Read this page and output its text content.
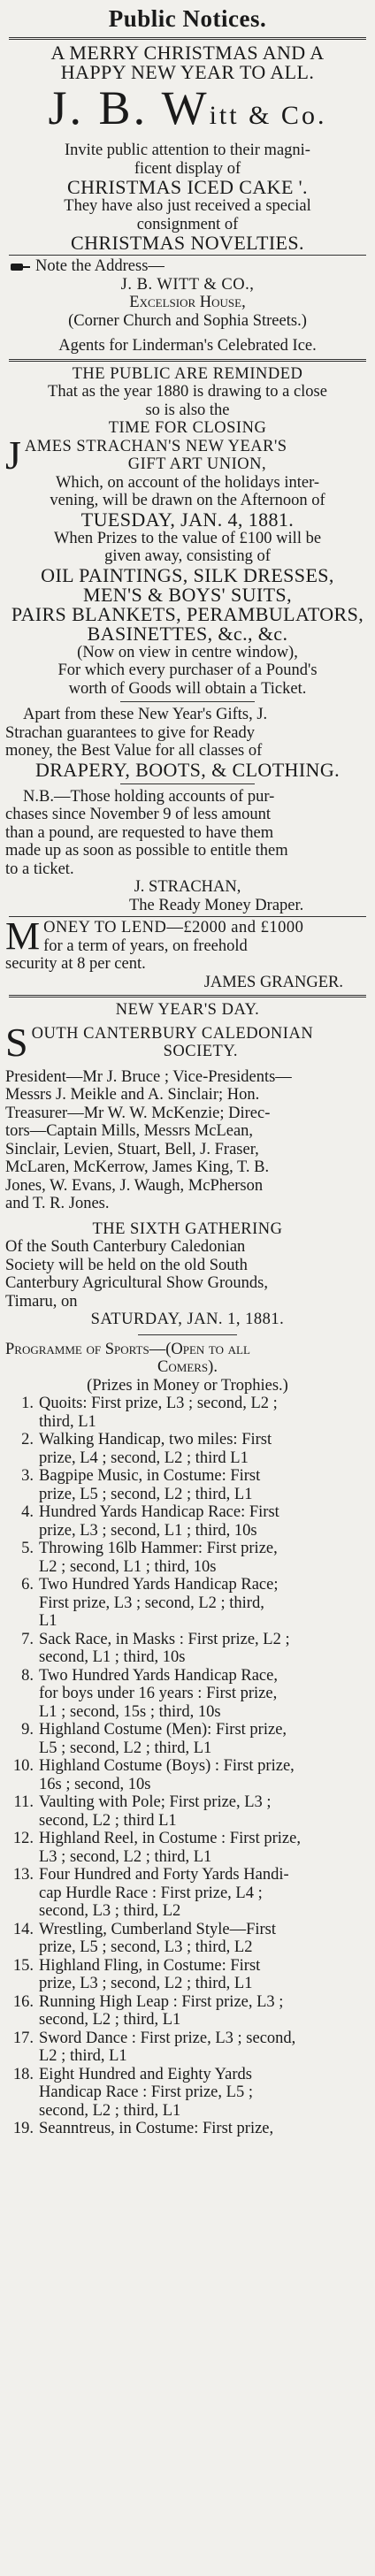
Public Notices.
A MERRY CHRISTMAS AND A
HAPPY NEW YEAR TO ALL.
J. B. Witt & Co.
Invite public attention to their magni-
ficent display of
CHRISTMAS ICED CAKE '.
They have also just received a special
consignment of
CHRISTMAS NOVELTIES.
Note the Address—
J. B. WITT & CO.,
Excelsior House,
(Corner Church and Sophia Streets.)
Agents for Linderman's Celebrated Ice.
THE PUBLIC ARE REMINDED
That as the year 1880 is drawing to a close
so is also the
TIME FOR CLOSING
J AMES STRACHAN'S NEW YEAR'S
GIFT ART UNION,
Which, on account of the holidays inter-
vening, will be drawn on the Afternoon of
TUESDAY, JAN. 4, 1881.
When Prizes to the value of £100 will be
given away, consisting of
OIL PAINTINGS, SILK DRESSES,
MEN'S & BOYS' SUITS,
PAIRS BLANKETS, PERAMBULATORS,
BASINETTES, &c., &c.
(Now on view in centre window),
For which every purchaser of a Pound's
worth of Goods will obtain a Ticket.
Apart from these New Year's Gifts, J.
Strachan guarantees to give for Ready
money, the Best Value for all classes of
DRAPERY, BOOTS, & CLOTHING.
N.B.—Those holding accounts of pur-
chases since November 9 of less amount
than a pound, are requested to have them
made up as soon as possible to entitle them
to a ticket.
J. STRACHAN,
The Ready Money Draper.
M ONEY TO LEND—£2000 and £1000
for a term of years, on freehold
security at 8 per cent.
JAMES GRANGER.
NEW YEAR'S DAY.
S OUTH CANTERBURY CALEDONIAN
SOCIETY.
President—Mr J. Bruce ; Vice-Presidents—
Messrs J. Meikle and A. Sinclair; Hon.
Treasurer—Mr W. W. McKenzie; Direc-
tors—Captain Mills, Messrs McLean,
Sinclair, Levien, Stuart, Bell, J. Fraser,
McLaren, McKerrow, James King, T. B.
Jones, W. Evans, J. Waugh, McPherson
and T. R. Jones.
THE SIXTH GATHERING
Of the South Canterbury Caledonian
Society will be held on the old South
Canterbury Agricultural Show Grounds,
Timaru, on
SATURDAY, JAN. 1, 1881.
Programme of Sports—(Open to all
Comers).
(Prizes in Money or Trophies.)
1. Quoits: First prize, L3 ; second, L2 ;
third, L1
2. Walking Handicap, two miles: First
prize, L4 ; second, L2 ; third L1
3. Bagpipe Music, in Costume: First
prize, L5 ; second, L2 ; third, L1
4. Hundred Yards Handicap Race: First
prize, L3 ; second, L1 ; third, 10s
5. Throwing 16lb Hammer: First prize,
L2 ; second, L1 ; third, 10s
6. Two Hundred Yards Handicap Race;
First prize, L3 ; second, L2 ; third,
L1
7. Sack Race, in Masks : First prize, L2 ;
second, L1 ; third, 10s
8. Two Hundred Yards Handicap Race,
for boys under 16 years : First prize,
L1 ; second, 15s ; third, 10s
9. Highland Costume (Men): First prize,
L5 ; second, L2 ; third, L1
10. Highland Costume (Boys) : First prize,
16s ; second, 10s
11. Vaulting with Pole; First prize, L3 ;
second, L2 ; third L1
12. Highland Reel, in Costume : First prize,
L3 ; second, L2 ; third, L1
13. Four Hundred and Forty Yards Handi-
cap Hurdle Race : First prize, L4 ;
second, L3 ; third, L2
14. Wrestling, Cumberland Style—First
prize, L5 ; second, L3 ; third, L2
15. Highland Fling, in Costume: First
prize, L3 ; second, L2 ; third, L1
16. Running High Leap : First prize, L3 ;
second, L2 ; third, L1
17. Sword Dance : First prize, L3 ; second,
L2 ; third, L1
18. Eight Hundred and Eighty Yards
Handicap Race : First prize, L5 ;
second, L2 ; third, L1
19. Seanntreus, in Costume: First prize,
